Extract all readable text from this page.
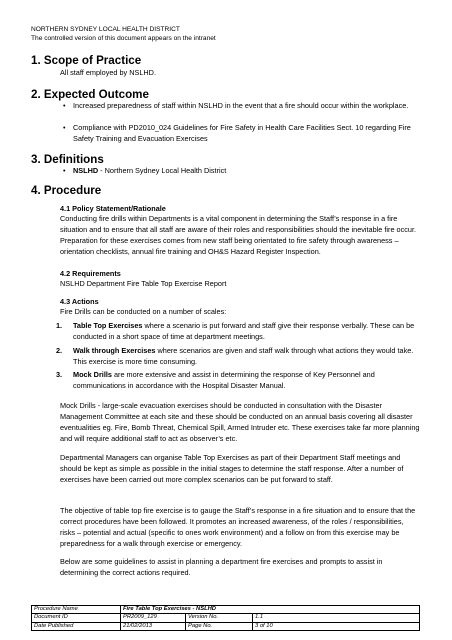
NORTHERN SYDNEY LOCAL HEALTH DISTRICT
The controlled version of this document appears on the intranet
1. Scope of Practice
All staff employed by NSLHD.
2. Expected Outcome
• Increased preparedness of staff within NSLHD in the event that a fire should occur within the workplace.
• Compliance with PD2010_024 Guidelines for Fire Safety in Health Care Facilities Sect. 10 regarding Fire Safety Training and Evacuation Exercises
3. Definitions
• NSLHD - Northern Sydney Local Health District
4. Procedure
4.1 Policy Statement/Rationale
Conducting fire drills within Departments is a vital component in determining the Staff’s response in a fire situation and to ensure that all staff are aware of their roles and responsibilities should the inevitable fire occur. Preparation for these exercises comes from new staff being orientated to fire safety through awareness – orientation checklists, annual fire training and OH&S Hazard Register Inspection.
4.2 Requirements
NSLHD Department Fire Table Top Exercise Report
4.3 Actions
Fire Drills can be conducted on a number of scales:
1. Table Top Exercises where a scenario is put forward and staff give their response verbally. These can be conducted in a short space of time at department meetings.
2. Walk through Exercises where scenarios are given and staff walk through what actions they would take. This exercise is more time consuming.
3. Mock Drills are more extensive and assist in determining the response of Key Personnel and communications in accordance with the Hospital Disaster Manual.
Mock Drills - large-scale evacuation exercises should be conducted in consultation with the Disaster Management Committee at each site and these should be conducted on an annual basis covering all disaster eventualities eg. Fire, Bomb Threat, Chemical Spill, Armed Intruder etc. These exercises take far more planning and will require additional staff to act as observer’s etc.
Departmental Managers can organise Table Top Exercises as part of their Department Staff meetings and should be kept as simple as possible in the initial stages to determine the staff response. After a number of exercises have been carried out more complex scenarios can be put forward to staff.
The objective of table top fire exercise is to gauge the Staff’s response in a fire situation and to ensure that the correct procedures have been followed. It promotes an increased awareness, of the roles / responsibilities, risks – potential and actual (specific to ones work environment) and a follow on from this exercise may be preparedness for a walk through exercise or emergency.
Below are some guidelines to assist in planning a department fire exercises and prompts to assist in determining the correct actions required.
Procedure Name	Fire Table Top Exercises - NSLHD		
Document ID	PR2009_129	Version No.	1.1
Date Published	21/02/2013	Page No.	3 of 10
